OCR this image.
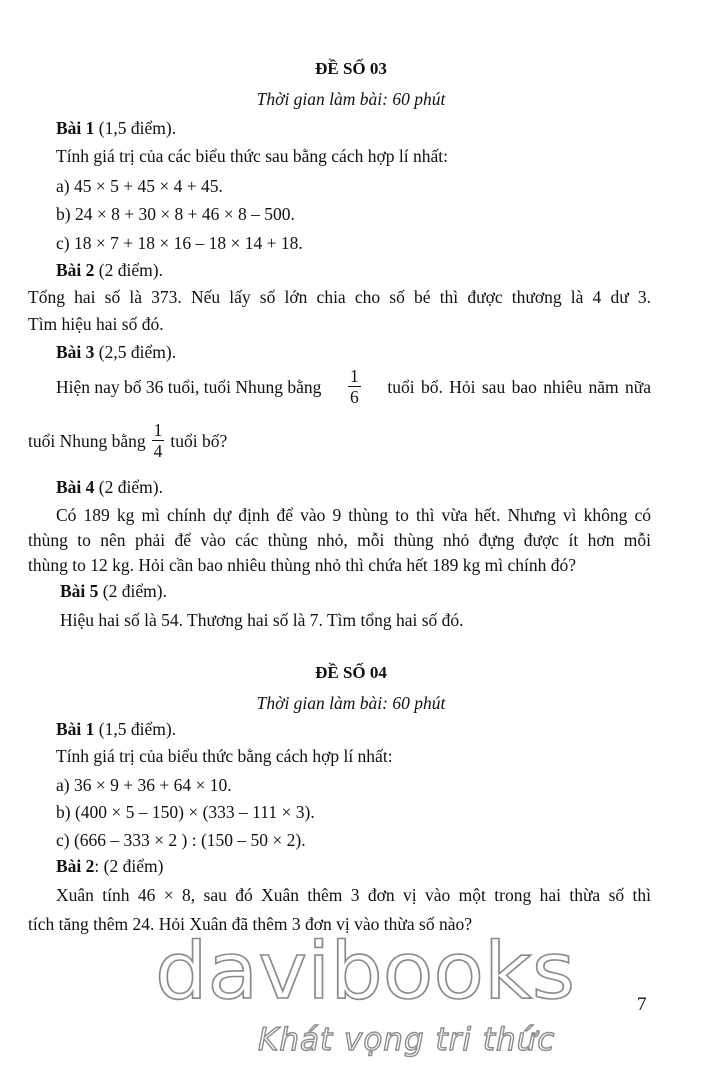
ĐỀ SỐ 03
Thời gian làm bài: 60 phút
Bài 1 (1,5 điểm).
Tính giá trị của các biểu thức sau bằng cách hợp lí nhất:
a) 45 × 5 + 45 × 4 + 45.
b) 24 × 8 + 30 × 8 + 46 × 8 – 500.
c) 18 × 7 + 18 × 16 – 18 × 14 + 18.
Bài 2 (2 điểm).
Tổng hai số là 373. Nếu lấy số lớn chia cho số bé thì được thương là 4 dư 3.
Tìm hiệu hai số đó.
Bài 3 (2,5 điểm).
Hiện nay bố 36 tuổi, tuổi Nhung bằng $\frac{1}{6}$ tuổi bố. Hỏi sau bao nhiêu năm nữa
tuổi Nhung bằng $\frac{1}{4}$ tuổi bố?
Bài 4 (2 điểm).
Có 189 kg mì chính dự định để vào 9 thùng to thì vừa hết. Nhưng vì không có
thùng to nên phải để vào các thùng nhỏ, mỗi thùng nhỏ đựng được ít hơn mỗi
thùng to 12 kg. Hỏi cần bao nhiêu thùng nhỏ thì chứa hết 189 kg mì chính đó?
Bài 5 (2 điểm).
Hiệu hai số là 54. Thương hai số là 7. Tìm tổng hai số đó.
ĐỀ SỐ 04
Thời gian làm bài: 60 phút
Bài 1 (1,5 điểm).
Tính giá trị của biểu thức bằng cách hợp lí nhất:
a) 36 × 9 + 36 + 64 × 10.
b) (400 × 5 – 150) × (333 – 111 × 3).
c) (666 – 333 × 2 ) : (150 – 50 × 2).
Bài 2: (2 điểm)
Xuân tính 46 × 8, sau đó Xuân thêm 3 đơn vị vào một trong hai thừa số thì
tích tăng thêm 24. Hỏi Xuân đã thêm 3 đơn vị vào thừa số nào?
davibooks
Khát vọng tri thức
7
